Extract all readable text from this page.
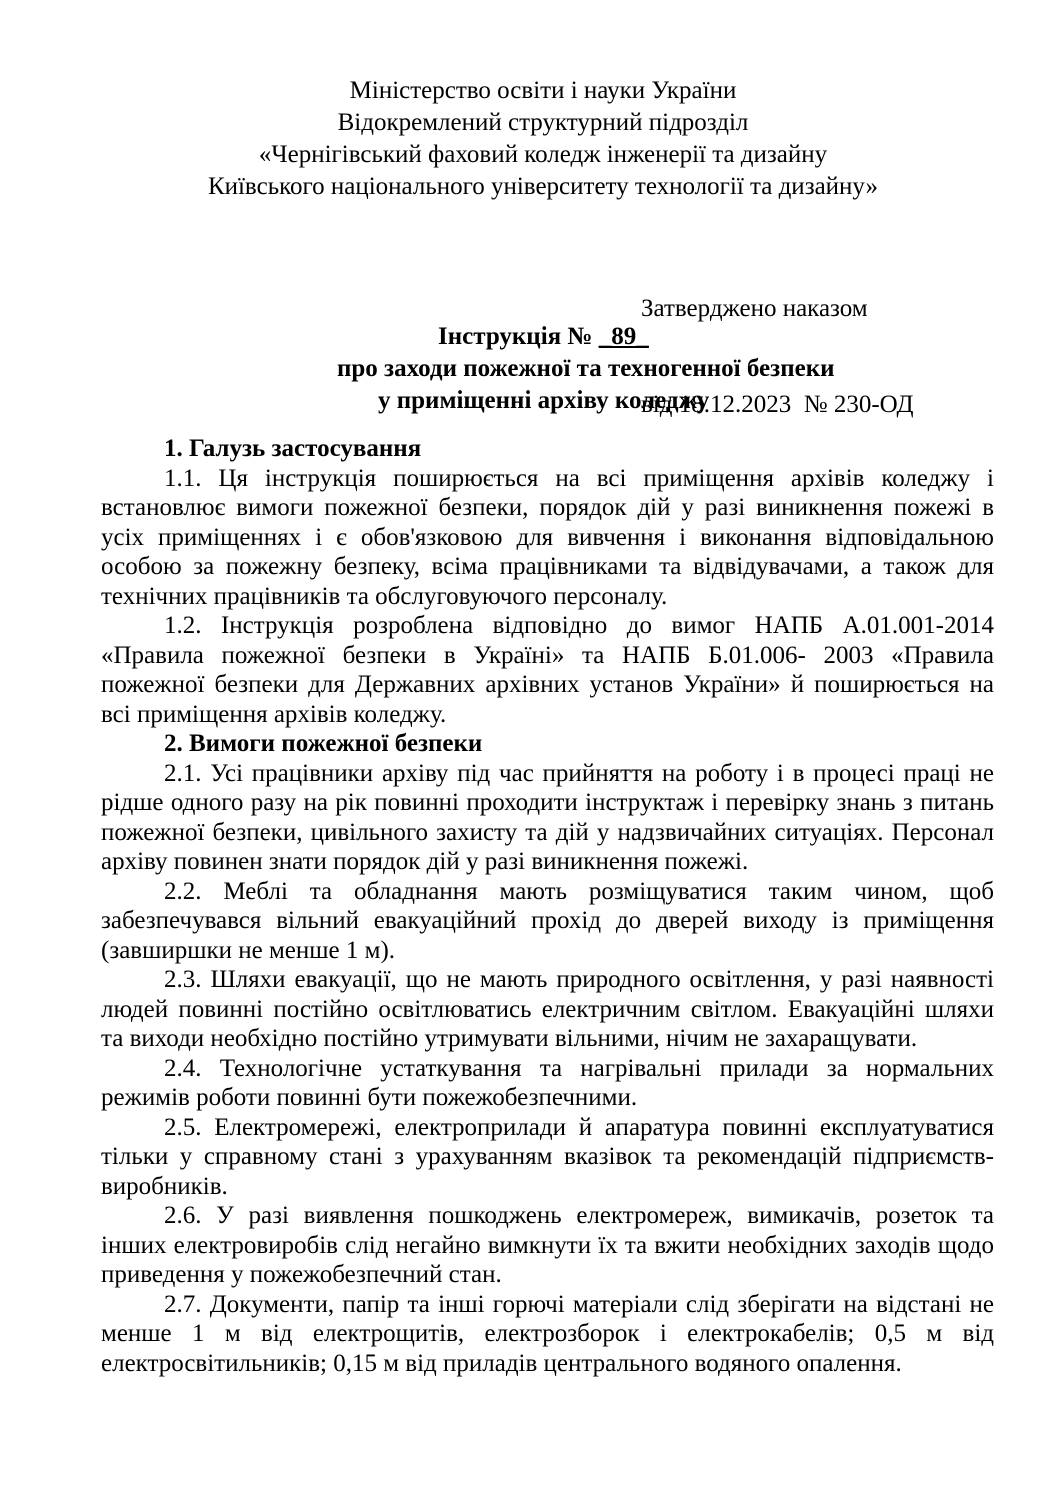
Міністерство освіти і науки України
Відокремлений структурний підрозділ
«Чернігівський фаховий коледж інженерії та дизайну
Київського національного університету технології та дизайну»

Затверджено наказом

від 18.12.2023  № 230-ОД

Інструкція № _89_
про заходи пожежної та техногенної безпеки
у приміщенні архіву коледжу

1. Галузь застосування

1.1. Ця інструкція поширюється на всі приміщення архівів коледжу і встановлює вимоги пожежної безпеки, порядок дій у разі виникнення пожежі в усіх приміщеннях і є обов'язковою для вивчення і виконання відповідальною особою за пожежну безпеку, всіма працівниками та відвідувачами, а також для технічних працівників та обслуговуючого персоналу.

1.2. Інструкція розроблена відповідно до вимог НАПБ А.01.001-2014 «Правила пожежної безпеки в Україні» та НАПБ Б.01.006- 2003 «Правила пожежної безпеки для Державних архівних установ України» й поширюється на всі приміщення архівів коледжу.

2. Вимоги пожежної безпеки

2.1. Усі працівники архіву під час прийняття на роботу і в процесі праці не рідше одного разу на рік повинні проходити інструктаж і перевірку знань з питань пожежної безпеки, цивільного захисту та дій у надзвичайних ситуаціях. Персонал архіву повинен знати порядок дій у разі виникнення пожежі.

2.2. Меблі та обладнання мають розміщуватися таким чином, щоб забезпечувався вільний евакуаційний прохід до дверей виходу із приміщення (завширшки не менше 1 м).

2.3. Шляхи евакуації, що не мають природного освітлення, у разі наявності людей повинні постійно освітлюватись електричним світлом. Евакуаційні шляхи та виходи необхідно постійно утримувати вільними, нічим не захаращувати.

2.4. Технологічне устаткування та нагрівальні прилади за нормальних режимів роботи повинні бути пожежобезпечними.

2.5. Електромережі, електроприлади й апаратура повинні експлуатуватися тільки у справному стані з урахуванням вказівок та рекомендацій підприємств-виробників.

2.6. У разі виявлення пошкоджень електромереж, вимикачів, розеток та інших електровиробів слід негайно вимкнути їх та вжити необхідних заходів щодо приведення у пожежобезпечний стан.

2.7. Документи, папір та інші горючі матеріали слід зберігати на відстані не менше 1 м від електрощитів, електрозборок і електрокабелів; 0,5 м від електросвітильників; 0,15 м від приладів центрального водяного опалення.
